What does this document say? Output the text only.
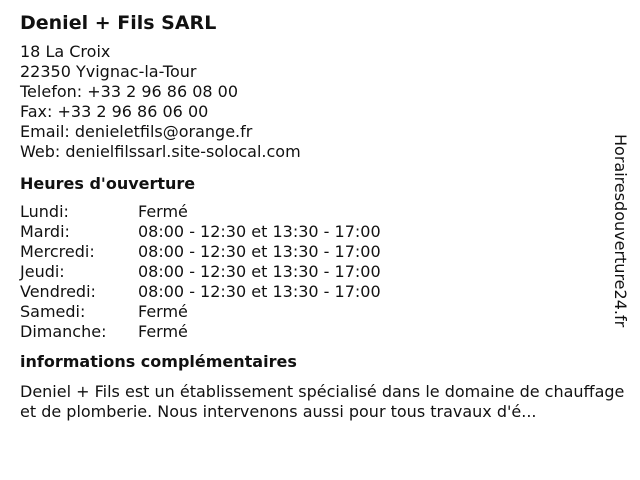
Deniel + Fils SARL
18 La Croix
22350 Yvignac-la-Tour
Telefon: +33 2 96 86 08 00
Fax: +33 2 96 86 06 00
Email: denieletfils@orange.fr
Web: denielfilssarl.site-solocal.com
Heures d'ouverture
Lundi:	Fermé
Mardi:	08:00 - 12:30 et 13:30 - 17:00
Mercredi:	08:00 - 12:30 et 13:30 - 17:00
Jeudi:	08:00 - 12:30 et 13:30 - 17:00
Vendredi:	08:00 - 12:30 et 13:30 - 17:00
Samedi:	Fermé
Dimanche:	Fermé
informations complémentaires
Deniel + Fils est un établissement spécialisé dans le domaine de chauffage et de plomberie. Nous intervenons aussi pour tous travaux d'é...
Horairesdouverture24.fr
